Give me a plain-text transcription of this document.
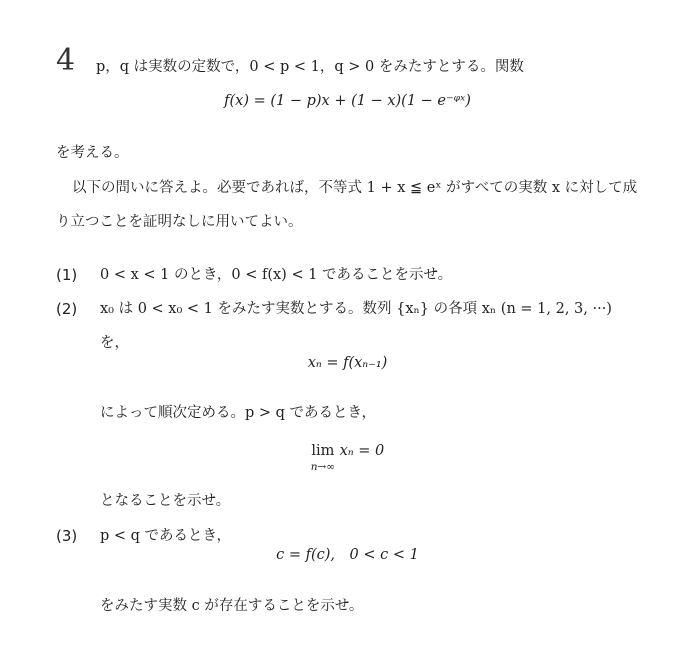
4 p，q は実数の定数で，0 < p < 1，q > 0 をみたすとする。関数
f(x) = (1 − p)x + (1 − x)(1 − e⁻ᵠˣ)
を考える。
以下の問いに答えよ。必要であれば，不等式 1 + x ≦ eˣ がすべての実数 x に対して成
り立つことを証明なしに用いてよい。
(1) 0 < x < 1 のとき，0 < f(x) < 1 であることを示せ。
(2) x₀ は 0 < x₀ < 1 をみたす実数とする。数列 {xₙ} の各項 xₙ (n = 1, 2, 3, ···)
を，
xₙ = f(xₙ₋₁)
によって順次定める。p > q であるとき，
lim
n→∞
xₙ = 0
となることを示せ。
(3) p < q であるとき，
c = f(c),　0 < c < 1
をみたす実数 c が存在することを示せ。
